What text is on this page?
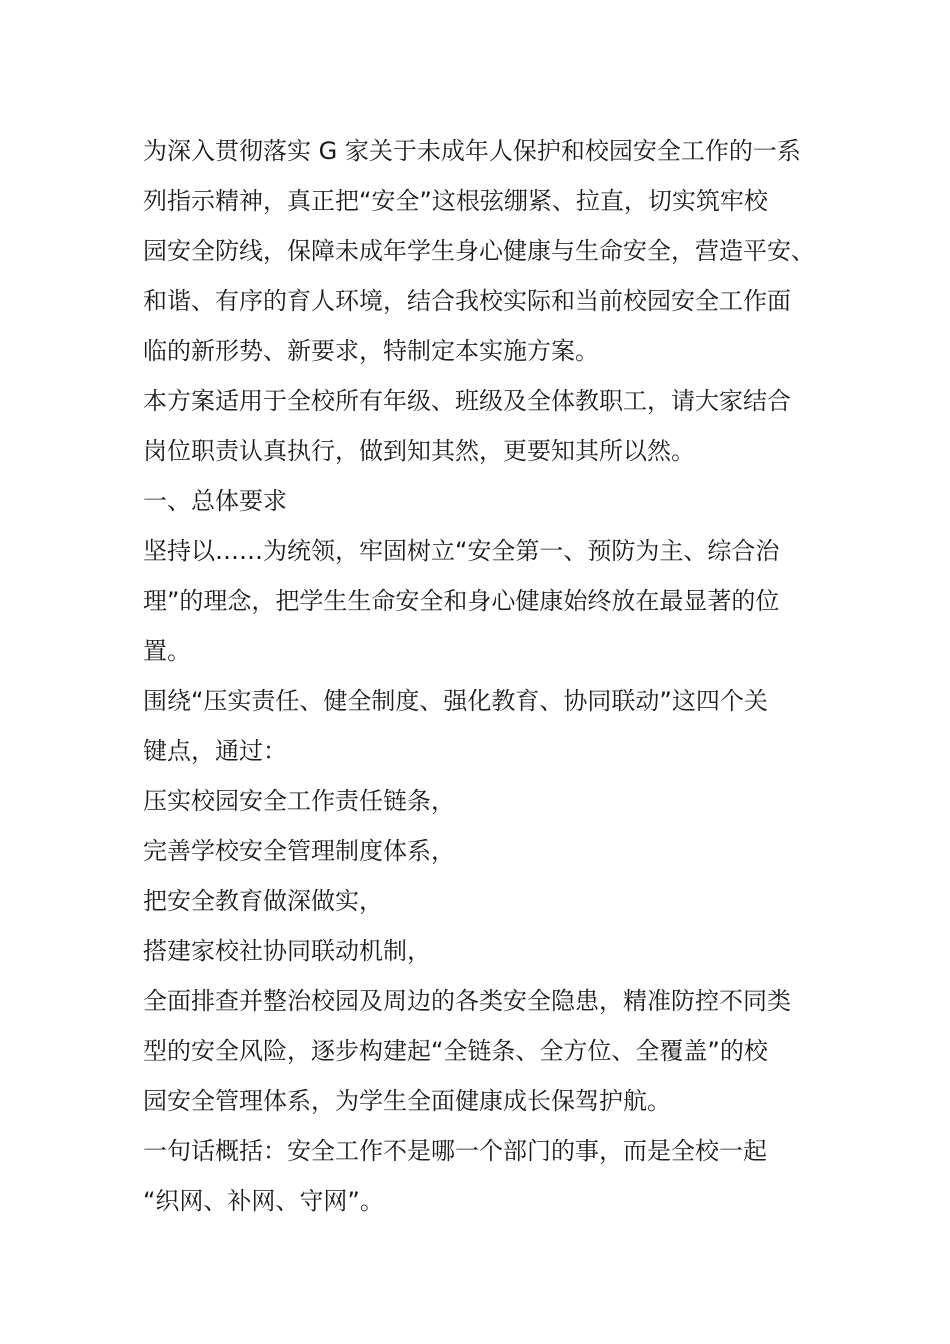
为深入贯彻落实 G 家关于未成年人保护和校园安全工作的一系
列指示精神，真正把“安全”这根弦绷紧、拉直，切实筑牢校
园安全防线，保障未成年学生身心健康与生命安全，营造平安、
和谐、有序的育人环境，结合我校实际和当前校园安全工作面
临的新形势、新要求，特制定本实施方案。
本方案适用于全校所有年级、班级及全体教职工，请大家结合
岗位职责认真执行，做到知其然，更要知其所以然。
一、总体要求
坚持以……为统领，牢固树立“安全第一、预防为主、综合治
理”的理念，把学生生命安全和身心健康始终放在最显著的位
置。
围绕“压实责任、健全制度、强化教育、协同联动”这四个关
键点，通过：
压实校园安全工作责任链条，
完善学校安全管理制度体系，
把安全教育做深做实，
搭建家校社协同联动机制，
全面排查并整治校园及周边的各类安全隐患，精准防控不同类
型的安全风险，逐步构建起“全链条、全方位、全覆盖”的校
园安全管理体系，为学生全面健康成长保驾护航。
一句话概括：安全工作不是哪一个部门的事，而是全校一起
“织网、补网、守网”。
